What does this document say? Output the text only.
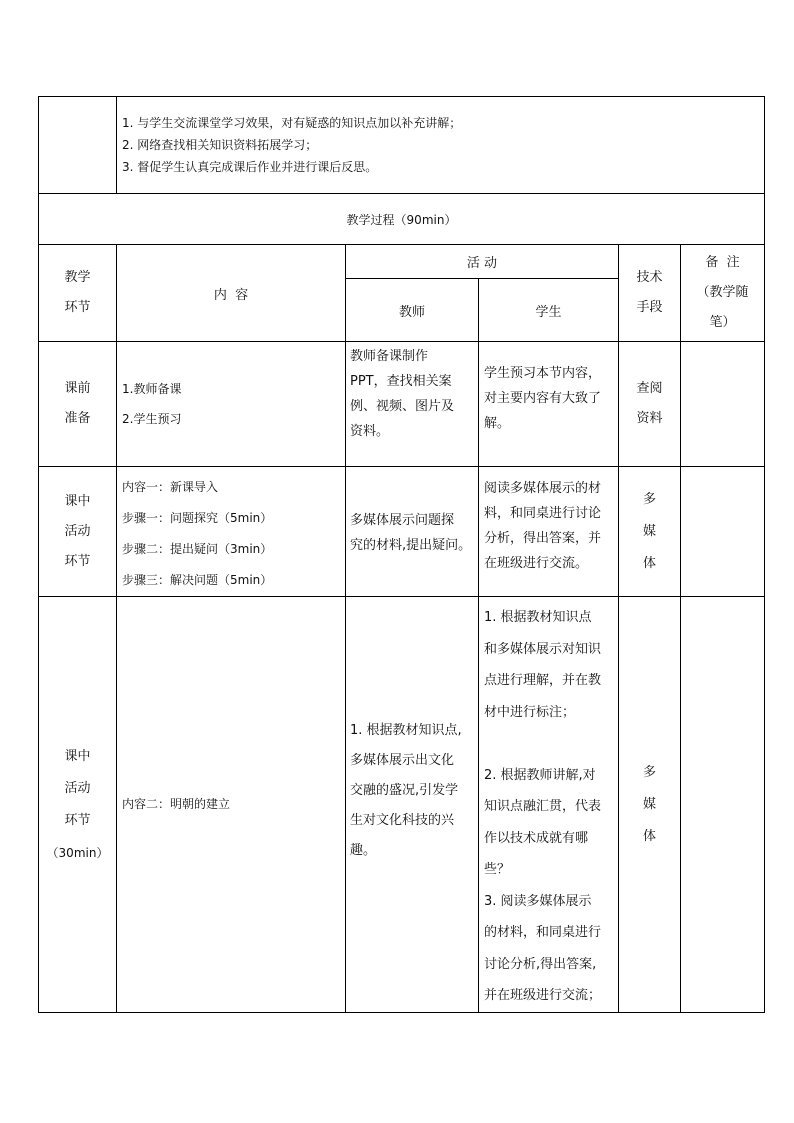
1. 与学生交流课堂学习效果，对有疑惑的知识点加以补充讲解；
2. 网络查找相关知识资料拓展学习；
3. 督促学生认真完成课后作业并进行课后反思。
教学过程（90min）
教学
环节
内  容
活 动
教师	学生
技术
手段
备  注
（教学随
笔）
课前
准备
1.教师备课
2.学生预习
教师备课制作
PPT，查找相关案
例、视频、图片及
资料。
学生预习本节内容，
对主要内容有大致了
解。
查阅
资料
课中
活动
环节
内容一：新课导入
步骤一：问题探究（5min）
步骤二：提出疑问（3min）
步骤三：解决问题（5min）
多媒体展示问题探
究的材料,提出疑问。
阅读多媒体展示的材
料，和同桌进行讨论
分析，得出答案，并
在班级进行交流。
多
媒
体
课中
活动
环节
（30min）
内容二：明朝的建立
1. 根据教材知识点,
多媒体展示出文化
交融的盛况,引发学
生对文化科技的兴
趣。
1. 根据教材知识点
和多媒体展示对知识
点进行理解，并在教
材中进行标注；
2. 根据教师讲解,对
知识点融汇贯，代表
作以技术成就有哪
些？
3. 阅读多媒体展示
的材料，和同桌进行
讨论分析,得出答案,
并在班级进行交流；
多
媒
体
